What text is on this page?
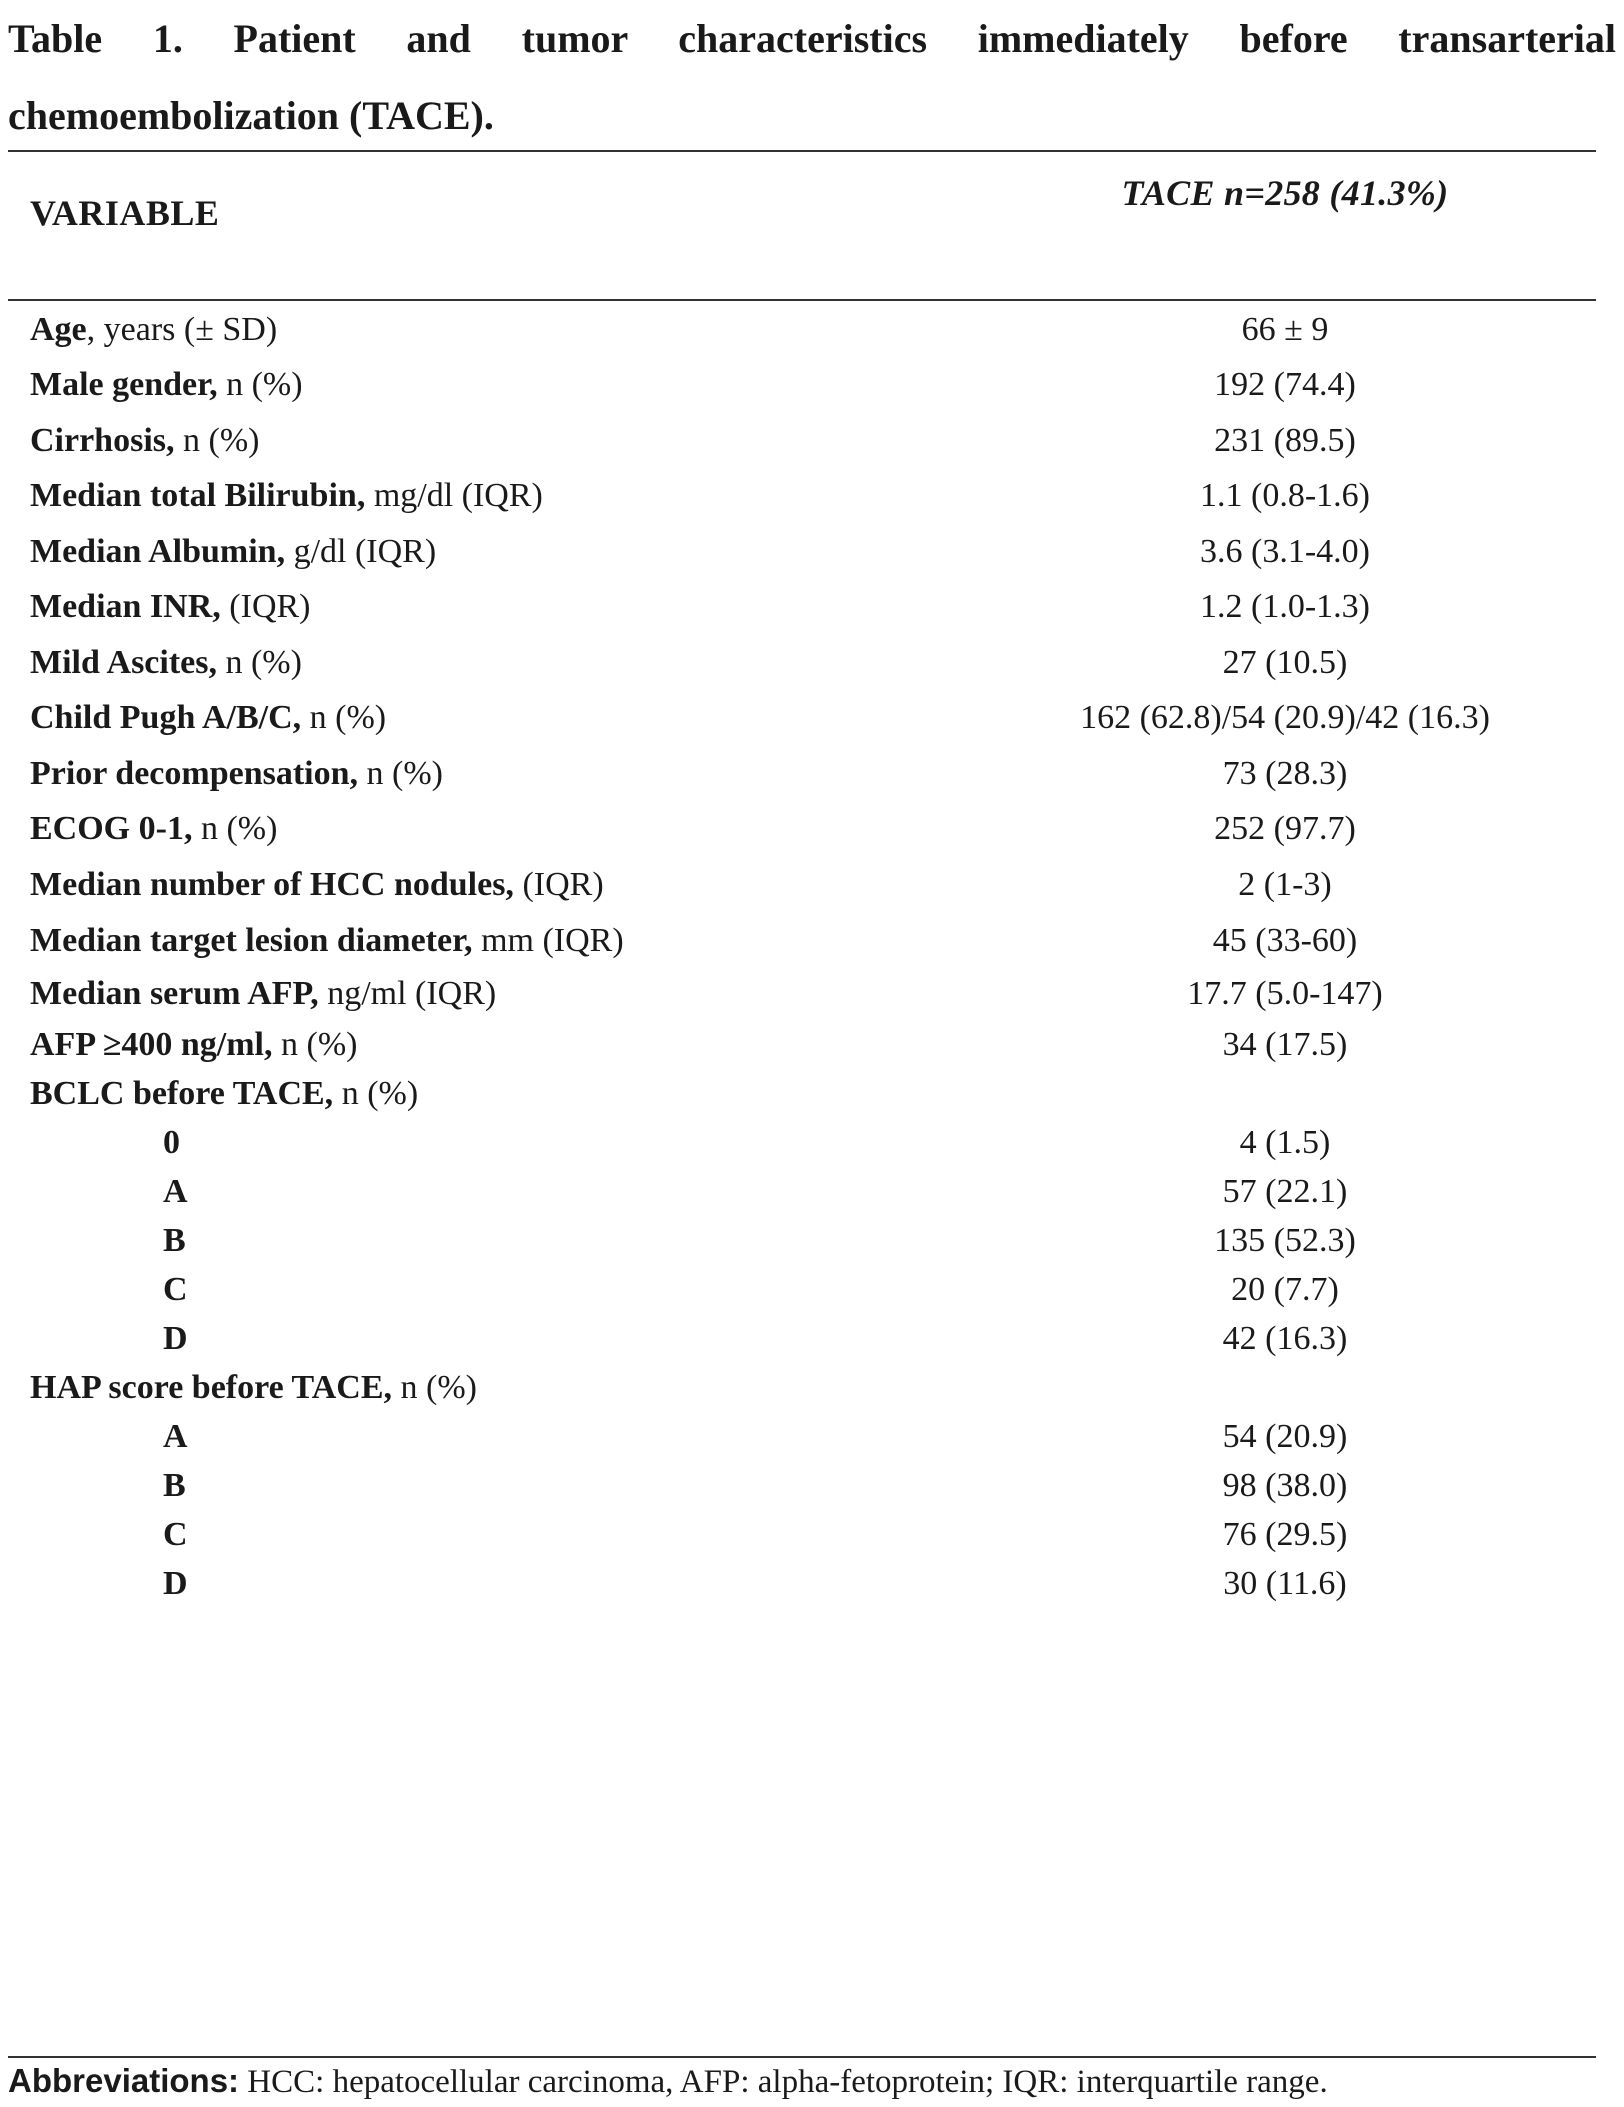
Table 1. Patient and tumor characteristics immediately before transarterial chemoembolization (TACE).

VARIABLE	TACE n=258 (41.3%)
Age, years (± SD)	66 ± 9
Male gender, n (%)	192 (74.4)
Cirrhosis, n (%)	231 (89.5)
Median total Bilirubin, mg/dl (IQR)	1.1 (0.8-1.6)
Median Albumin, g/dl (IQR)	3.6 (3.1-4.0)
Median INR, (IQR)	1.2 (1.0-1.3)
Mild Ascites, n (%)	27 (10.5)
Child Pugh A/B/C, n (%)	162 (62.8)/54 (20.9)/42 (16.3)
Prior decompensation, n (%)	73 (28.3)
ECOG 0-1, n (%)	252 (97.7)
Median number of HCC nodules, (IQR)	2 (1-3)
Median target lesion diameter, mm (IQR)	45 (33-60)
Median serum AFP, ng/ml (IQR)	17.7 (5.0-147)
AFP ≥400 ng/ml, n (%)	34 (17.5)
BCLC before TACE, n (%)
0	4 (1.5)
A	57 (22.1)
B	135 (52.3)
C	20 (7.7)
D	42 (16.3)
HAP score before TACE, n (%)
A	54 (20.9)
B	98 (38.0)
C	76 (29.5)
D	30 (11.6)
Abbreviations: HCC: hepatocellular carcinoma, AFP: alpha-fetoprotein; IQR: interquartile range.
